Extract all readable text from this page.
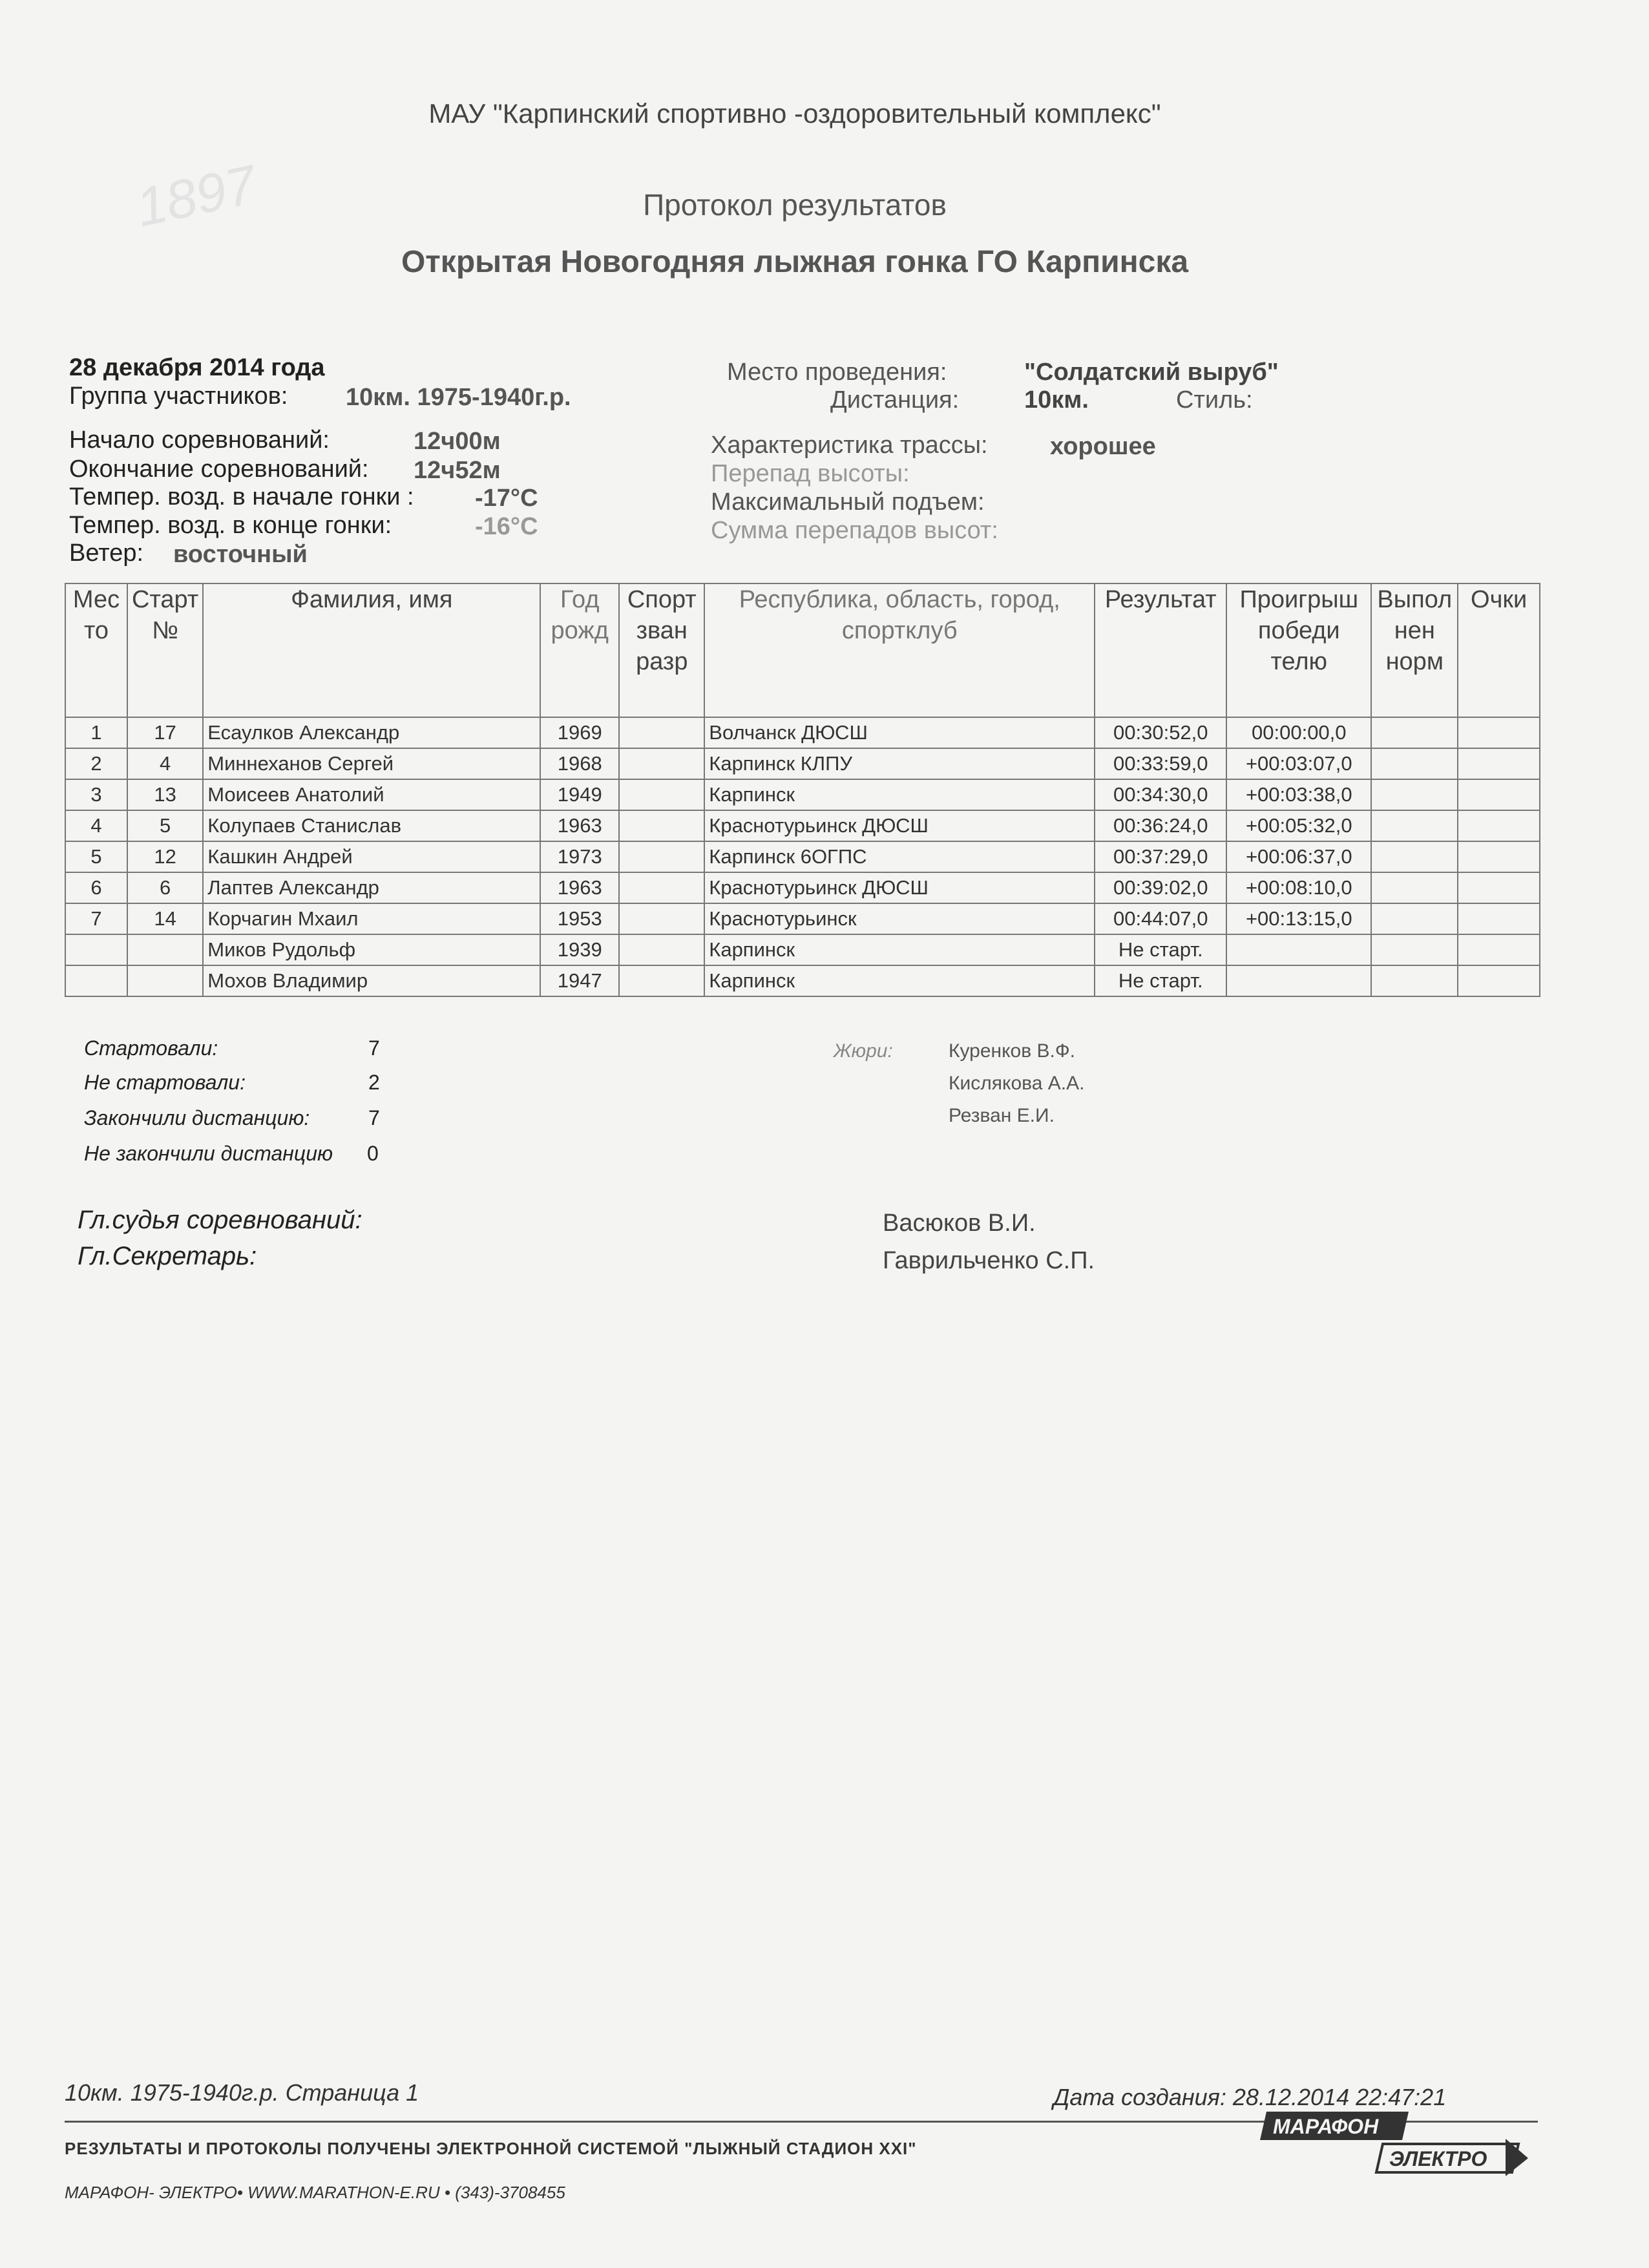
1897
МАУ "Карпинский спортивно -оздоровительный комплекс"
Протокол результатов
Открытая Новогодняя лыжная гонка ГО Карпинска
28 декабря 2014 года
Группа участников: 10км. 1975-1940г.р.
Начало соревнований:	12ч00м
Окончание соревнований: 12ч52м
Темпер. возд. в начале гонки : -17°С
Темпер. возд. в конце гонки:	-16°С
Ветер: восточный
Место проведения:	"Солдатский выруб"
Дистанция:	10км.	Стиль:
Характеристика трассы:	хорошее
Перепад высоты:
Максимальный подъем:
Сумма перепадов высот:
Мес то	Старт №	Фамилия, имя	Год рожд	Спорт зван разр	Республика, область, город, спортклуб	Результат	Проигрыш победи телю	Выпол нен норм	Очки
1	17	Есаулков Александр	1969		Волчанск ДЮСШ	00:30:52,0	00:00:00,0		
2	4	Миннеханов Сергей	1968		Карпинск КЛПУ	00:33:59,0	+00:03:07,0		
3	13	Моисеев Анатолий	1949		Карпинск	00:34:30,0	+00:03:38,0		
4	5	Колупаев Станислав	1963		Краснотурьинск ДЮСШ	00:36:24,0	+00:05:32,0		
5	12	Кашкин Андрей	1973		Карпинск 6ОГПС	00:37:29,0	+00:06:37,0		
6	6	Лаптев Александр	1963		Краснотурьинск ДЮСШ	00:39:02,0	+00:08:10,0		
7	14	Корчагин Мхаил	1953		Краснотурьинск	00:44:07,0	+00:13:15,0		
		Миков Рудольф	1939		Карпинск	Не старт.			
		Мохов Владимир	1947		Карпинск	Не старт.			
Стартовали:	7
Не стартовали:	2
Закончили дистанцию:	7
Не закончили дистанцию 0
Жюри:	Куренков В.Ф.
Кислякова А.А.
Резван Е.И.
Гл.судья соревнований:	Васюков В.И.
Гл.Секретарь:	Гаврильченко С.П.
10км. 1975-1940г.р. Страница 1	Дата создания: 28.12.2014 22:47:21
РЕЗУЛЬТАТЫ И ПРОТОКОЛЫ ПОЛУЧЕНЫ ЭЛЕКТРОННОЙ СИСТЕМОЙ "ЛЫЖНЫЙ СТАДИОН XXI"
МАРАФОН- ЭЛЕКТРО• WWW.MARATHON-E.RU • (343)-3708455
МАРАФОН
ЭЛЕКТРО
